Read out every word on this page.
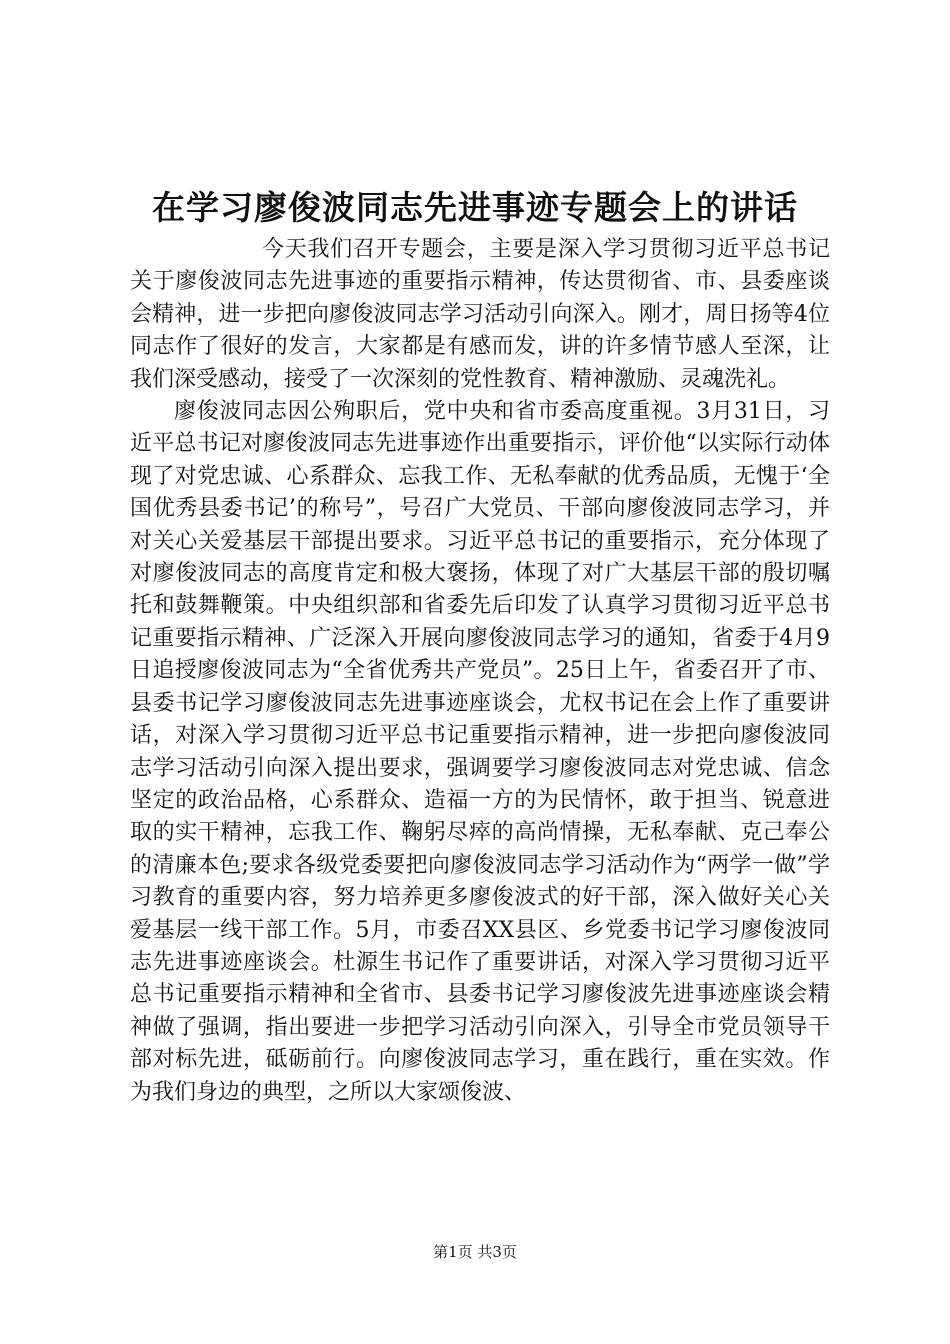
在学习廖俊波同志先进事迹专题会上的讲话

今天我们召开专题会，主要是深入学习贯彻习近平总书记关于廖俊波同志先进事迹的重要指示精神，传达贯彻省、市、县委座谈会精神，进一步把向廖俊波同志学习活动引向深入。刚才，周日扬等4位同志作了很好的发言，大家都是有感而发，讲的许多情节感人至深，让我们深受感动，接受了一次深刻的党性教育、精神激励、灵魂洗礼。

廖俊波同志因公殉职后，党中央和省市委高度重视。3月31日，习近平总书记对廖俊波同志先进事迹作出重要指示，评价他“以实际行动体现了对党忠诚、心系群众、忘我工作、无私奉献的优秀品质，无愧于‘全国优秀县委书记’的称号”，号召广大党员、干部向廖俊波同志学习，并对关心关爱基层干部提出要求。习近平总书记的重要指示，充分体现了对廖俊波同志的高度肯定和极大褒扬，体现了对广大基层干部的殷切嘱托和鼓舞鞭策。中央组织部和省委先后印发了认真学习贯彻习近平总书记重要指示精神、广泛深入开展向廖俊波同志学习的通知，省委于4月9日追授廖俊波同志为“全省优秀共产党员”。25日上午，省委召开了市、县委书记学习廖俊波同志先进事迹座谈会，尤权书记在会上作了重要讲话，对深入学习贯彻习近平总书记重要指示精神，进一步把向廖俊波同志学习活动引向深入提出要求，强调要学习廖俊波同志对党忠诚、信念坚定的政治品格，心系群众、造福一方的为民情怀，敢于担当、锐意进取的实干精神，忘我工作、鞠躬尽瘁的高尚情操，无私奉献、克己奉公的清廉本色;要求各级党委要把向廖俊波同志学习活动作为“两学一做”学习教育的重要内容，努力培养更多廖俊波式的好干部，深入做好关心关爱基层一线干部工作。5月，市委召XX县区、乡党委书记学习廖俊波同志先进事迹座谈会。杜源生书记作了重要讲话，对深入学习贯彻习近平总书记重要指示精神和全省市、县委书记学习廖俊波先进事迹座谈会精神做了强调，指出要进一步把学习活动引向深入，引导全市党员领导干部对标先进，砥砺前行。向廖俊波同志学习，重在践行，重在实效。作为我们身边的典型，之所以大家颂俊波、

第1页 共3页
